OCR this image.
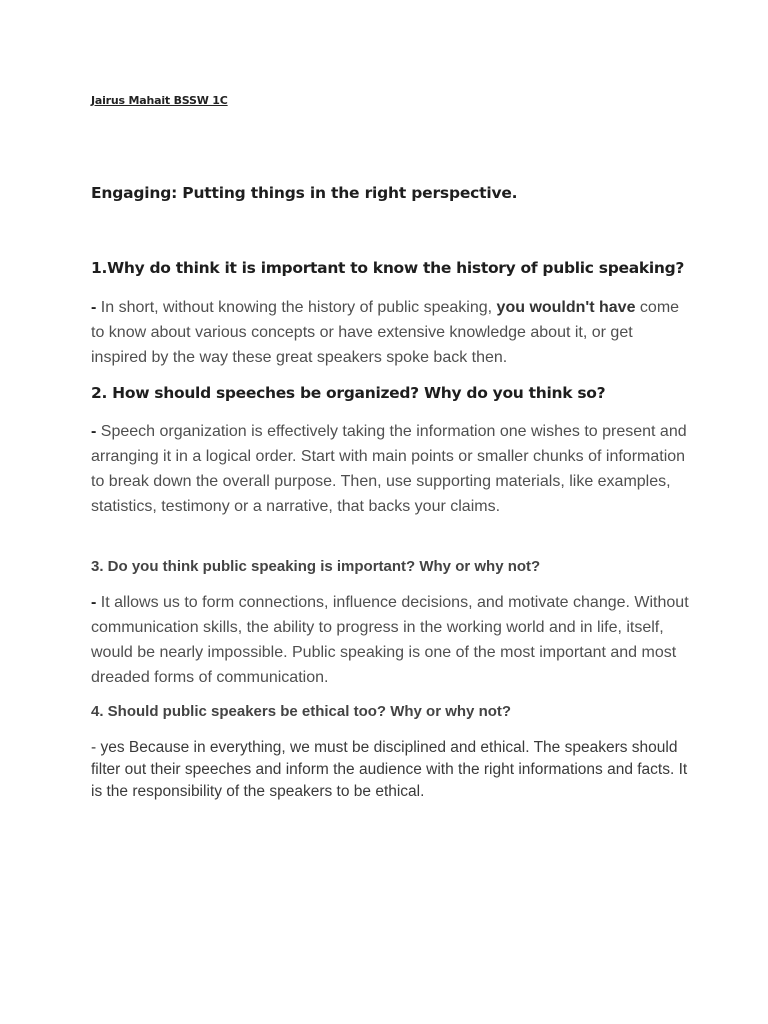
Jairus Mahait BSSW 1C
Engaging: Putting things in the right perspective.
1.Why do think it is important to know the history of public speaking?

- In short, without knowing the history of public speaking, you wouldn't have come to know about various concepts or have extensive knowledge about it, or get inspired by the way these great speakers spoke back then.

2. How should speeches be organized? Why do you think so?

- Speech organization is effectively taking the information one wishes to present and arranging it in a logical order. Start with main points or smaller chunks of information to break down the overall purpose. Then, use supporting materials, like examples, statistics, testimony or a narrative, that backs your claims.

3. Do you think public speaking is important? Why or why not?

- It allows us to form connections, influence decisions, and motivate change. Without communication skills, the ability to progress in the working world and in life, itself, would be nearly impossible. Public speaking is one of the most important and most dreaded forms of communication.

4. Should public speakers be ethical too? Why or why not?

- yes Because in everything, we must be disciplined and ethical. The speakers should filter out their speeches and inform the audience with the right informations and facts. It is the responsibility of the speakers to be ethical.
